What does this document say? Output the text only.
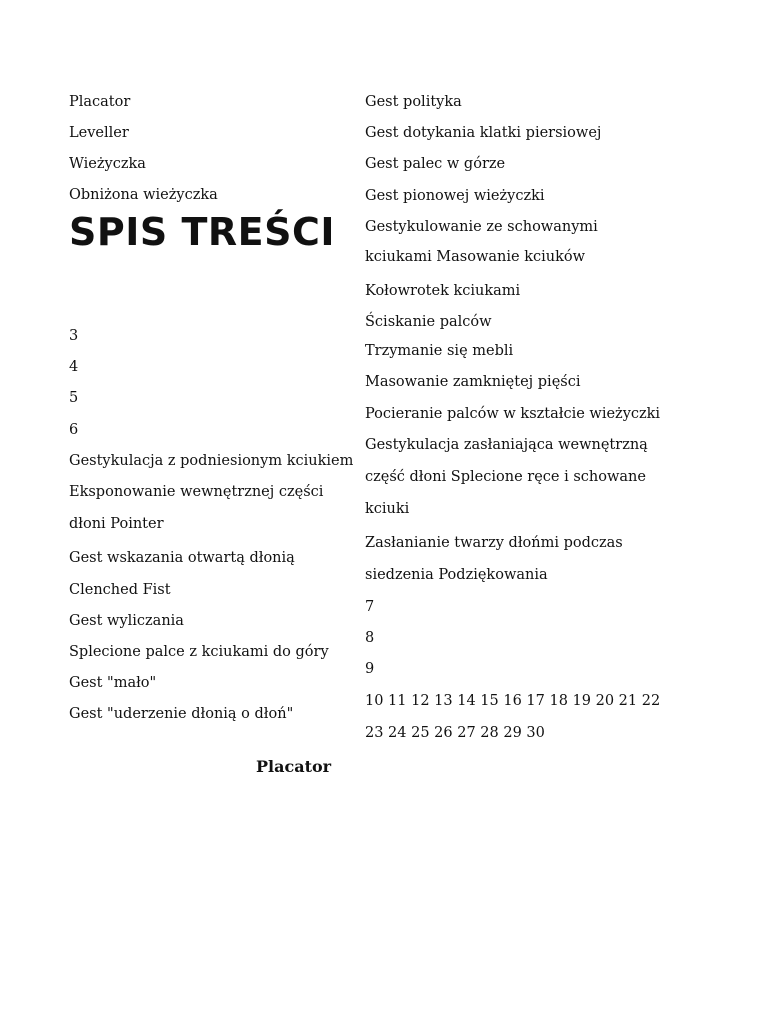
Placator
Leveller
Wieżyczka
Obniżona wieżyczka
SPIS TREŚCI
3
4
5
6
Gestykulacja z podniesionym kciukiem
Eksponowanie wewnętrznej części
dłoni Pointer
Gest wskazania otwartą dłonią
Clenched Fist
Gest wyliczania
Splecione palce z kciukami do góry
Gest "mało"
Gest "uderzenie dłonią o dłoń"
Gest polityka
Gest dotykania klatki piersiowej
Gest palec w górze
Gest pionowej wieżyczki
Gestykulowanie ze schowanymi
kciukami Masowanie kciuków
Kołowrotek kciukami
Ściskanie palców
Trzymanie się mebli
Masowanie zamkniętej pięści
Pocieranie palców w kształcie wieżyczki
Gestykulacja zasłaniająca wewnętrzną
część dłoni Splecione ręce i schowane
kciuki
Zasłanianie twarzy dłońmi podczas
siedzenia Podziękowania
7
8
9
10 11 12 13 14 15 16 17 18 19 20 21 22
23 24 25 26 27 28 29 30
Placator
